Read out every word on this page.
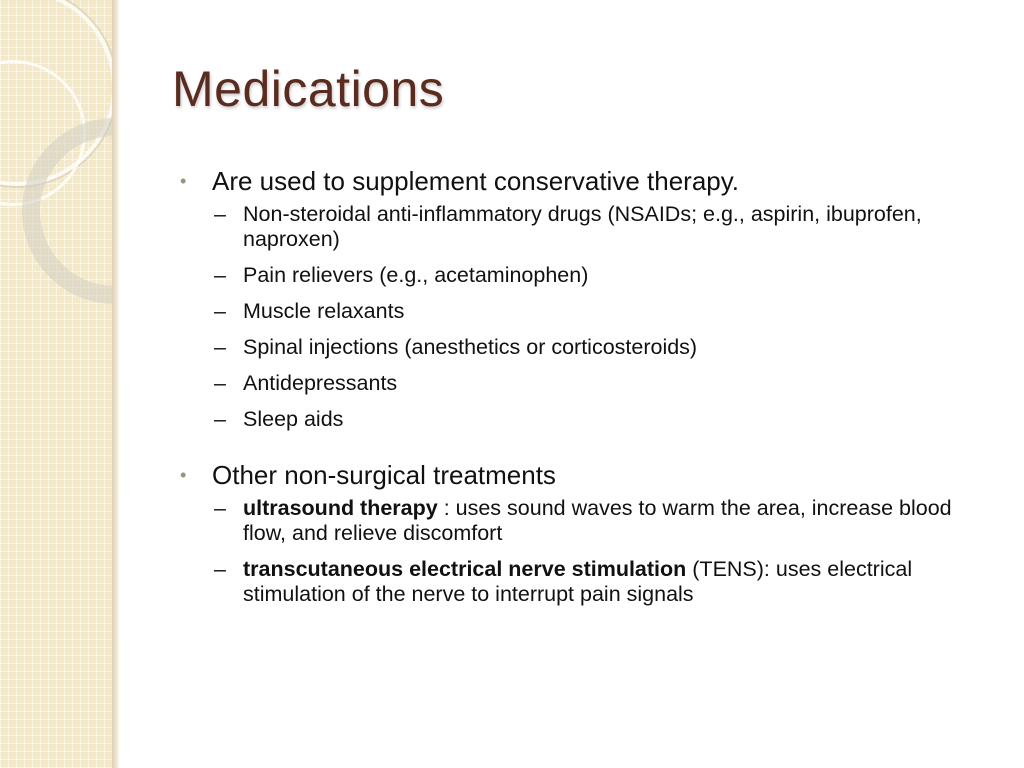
Medications
• Are used to supplement conservative therapy.
– Non-steroidal anti-inflammatory drugs (NSAIDs; e.g., aspirin, ibuprofen, naproxen)
– Pain relievers (e.g., acetaminophen)
– Muscle relaxants
– Spinal injections (anesthetics or corticosteroids)
– Antidepressants
– Sleep aids
• Other non-surgical treatments
– ultrasound therapy : uses sound waves to warm the area, increase blood flow, and relieve discomfort
– transcutaneous electrical nerve stimulation (TENS): uses electrical stimulation of the nerve to interrupt pain signals
